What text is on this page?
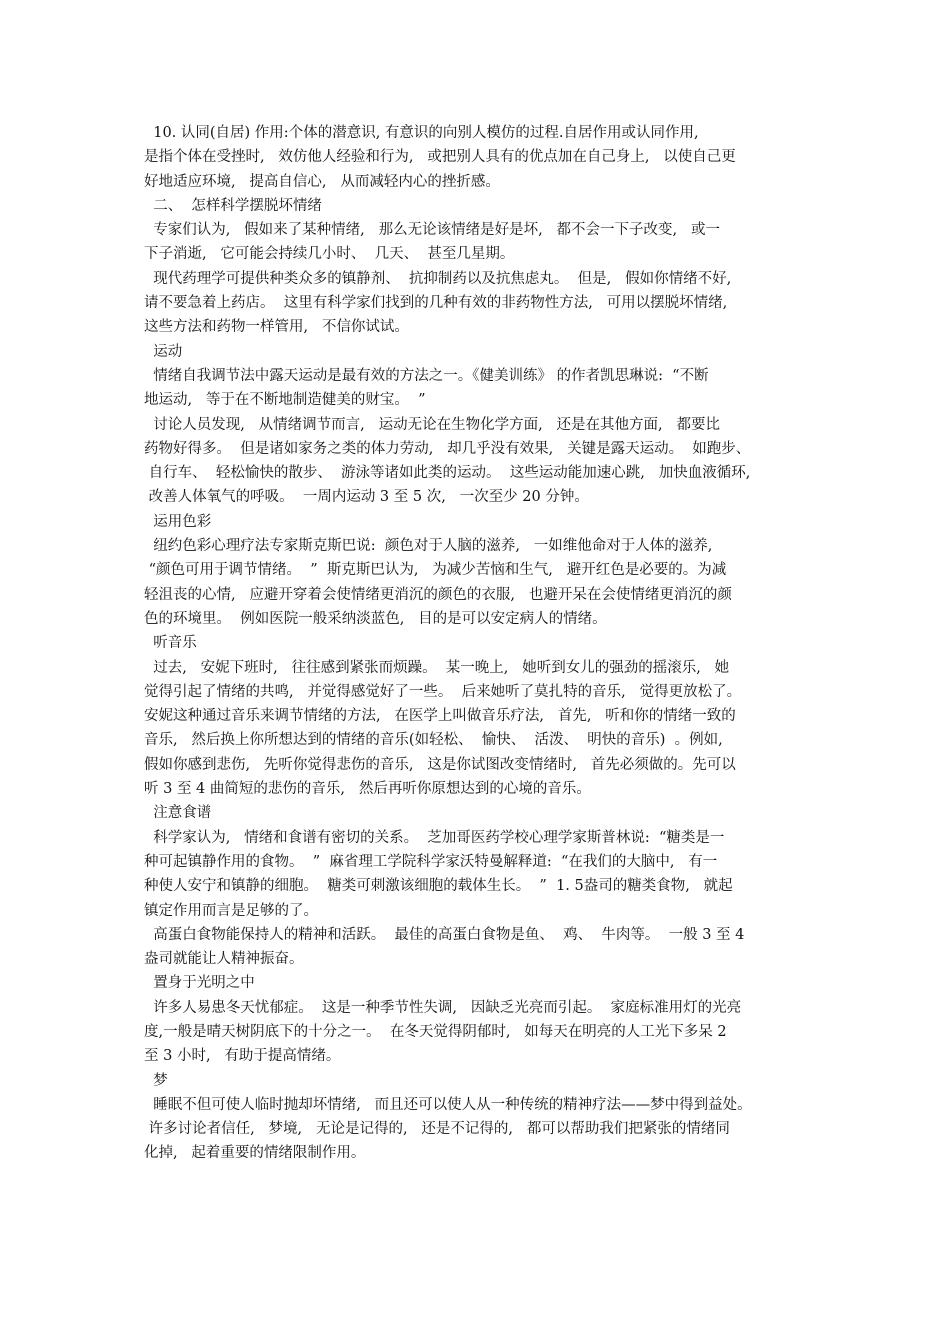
10. 认同(自居) 作用:个体的潜意识, 有意识的向别人模仿的过程.自居作用或认同作用,
是指个体在受挫时,   效仿他人经验和行为,   或把别人具有的优点加在自己身上,   以使自己更
好地适应环境,   提高自信心,   从而减轻内心的挫折感。
二、  怎样科学摆脱坏情绪
专家们认为,   假如来了某种情绪,   那么无论该情绪是好是坏,   都不会一下子改变,   或一
下子消逝,   它可能会持续几小时、  几天、  甚至几星期。
现代药理学可提供种类众多的镇静剂、  抗抑制药以及抗焦虑丸。  但是,   假如你情绪不好,
请不要急着上药店。  这里有科学家们找到的几种有效的非药物性方法,   可用以摆脱坏情绪,
这些方法和药物一样管用,   不信你试试。
运动
情绪自我调节法中露天运动是最有效的方法之一。《健美训练》 的作者凯思琳说:  “不断
地运动,   等于在不断地制造健美的财宝。  ”
讨论人员发现,   从情绪调节而言,   运动无论在生物化学方面,   还是在其他方面,   都要比
药物好得多。  但是诸如家务之类的体力劳动,   却几乎没有效果,   关键是露天运动。  如跑步、
自行车、  轻松愉快的散步、  游泳等诸如此类的运动。  这些运动能加速心跳,   加快血液循环,
改善人体氧气的呼吸。  一周内运动 3 至 5 次,   一次至少 20 分钟。
运用色彩
纽约色彩心理疗法专家斯克斯巴说:  颜色对于人脑的滋养,   一如维他命对于人体的滋养,
“颜色可用于调节情绪。  ”  斯克斯巴认为,   为减少苦恼和生气,   避开红色是必要的。为减
轻沮丧的心情,   应避开穿着会使情绪更消沉的颜色的衣服,   也避开呆在会使情绪更消沉的颜
色的环境里。  例如医院一般采纳淡蓝色,   目的是可以安定病人的情绪。
听音乐
过去,   安妮下班时,   往往感到紧张而烦躁。  某一晚上,   她听到女儿的强劲的摇滚乐,   她
觉得引起了情绪的共鸣,   并觉得感觉好了一些。  后来她听了莫扎特的音乐,   觉得更放松了。
安妮这种通过音乐来调节情绪的方法,   在医学上叫做音乐疗法,   首先,   听和你的情绪一致的
音乐,   然后换上你所想达到的情绪的音乐(如轻松、  愉快、  活泼、  明快的音乐)  。例如,
假如你感到悲伤,   先听你觉得悲伤的音乐,   这是你试图改变情绪时,   首先必须做的。先可以
听 3 至 4 曲简短的悲伤的音乐,   然后再听你原想达到的心境的音乐。
注意食谱
科学家认为,   情绪和食谱有密切的关系。  芝加哥医药学校心理学家斯普林说:  “糖类是一
种可起镇静作用的食物。  ”  麻省理工学院科学家沃特曼解释道:  “在我们的大脑中,   有一
种使人安宁和镇静的细胞。  糖类可刺激该细胞的载体生长。  ”  1. 5盎司的糖类食物,   就起
镇定作用而言是足够的了。
高蛋白食物能保持人的精神和活跃。  最佳的高蛋白食物是鱼、  鸡、  牛肉等。  一般 3 至 4
盎司就能让人精神振奋。
置身于光明之中
许多人易患冬天忧郁症。  这是一种季节性失调,   因缺乏光亮而引起。  家庭标准用灯的光亮
度,一般是晴天树阴底下的十分之一。  在冬天觉得阴郁时,   如每天在明亮的人工光下多呆 2
至 3 小时,   有助于提高情绪。
梦
睡眠不但可使人临时抛却坏情绪,   而且还可以使人从一种传统的精神疗法——梦中得到益处。
许多讨论者信任,   梦境,   无论是记得的,   还是不记得的,   都可以帮助我们把紧张的情绪同
化掉,   起着重要的情绪限制作用。
